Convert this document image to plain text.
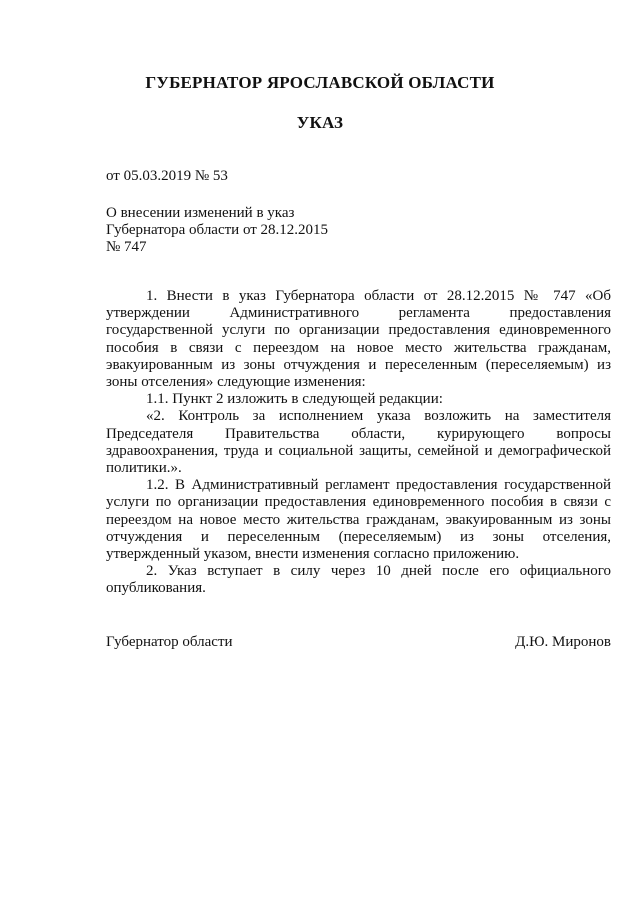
ГУБЕРНАТОР ЯРОСЛАВСКОЙ ОБЛАСТИ
УКАЗ
от 05.03.2019 № 53
О внесении изменений в указ
Губернатора области от 28.12.2015
№ 747

1. Внести в указ Губернатора области от 28.12.2015 № 747 «Об утверждении Административного регламента предоставления государственной услуги по организации предоставления единовременного пособия в связи с переездом на новое место жительства гражданам, эвакуированным из зоны отчуждения и переселенным (переселяемым) из зоны отселения» следующие изменения:

1.1. Пункт 2 изложить в следующей редакции:

«2. Контроль за исполнением указа возложить на заместителя Председателя Правительства области, курирующего вопросы здравоохранения, труда и социальной защиты, семейной и демографической политики.».

1.2. В Административный регламент предоставления государственной услуги по организации предоставления единовременного пособия в связи с переездом на новое место жительства гражданам, эвакуированным из зоны отчуждения и переселенным (переселяемым) из зоны отселения, утвержденный указом, внести изменения согласно приложению.

2. Указ вступает в силу через 10 дней после его официального опубликования.

Губернатор области	Д.Ю. Миронов
